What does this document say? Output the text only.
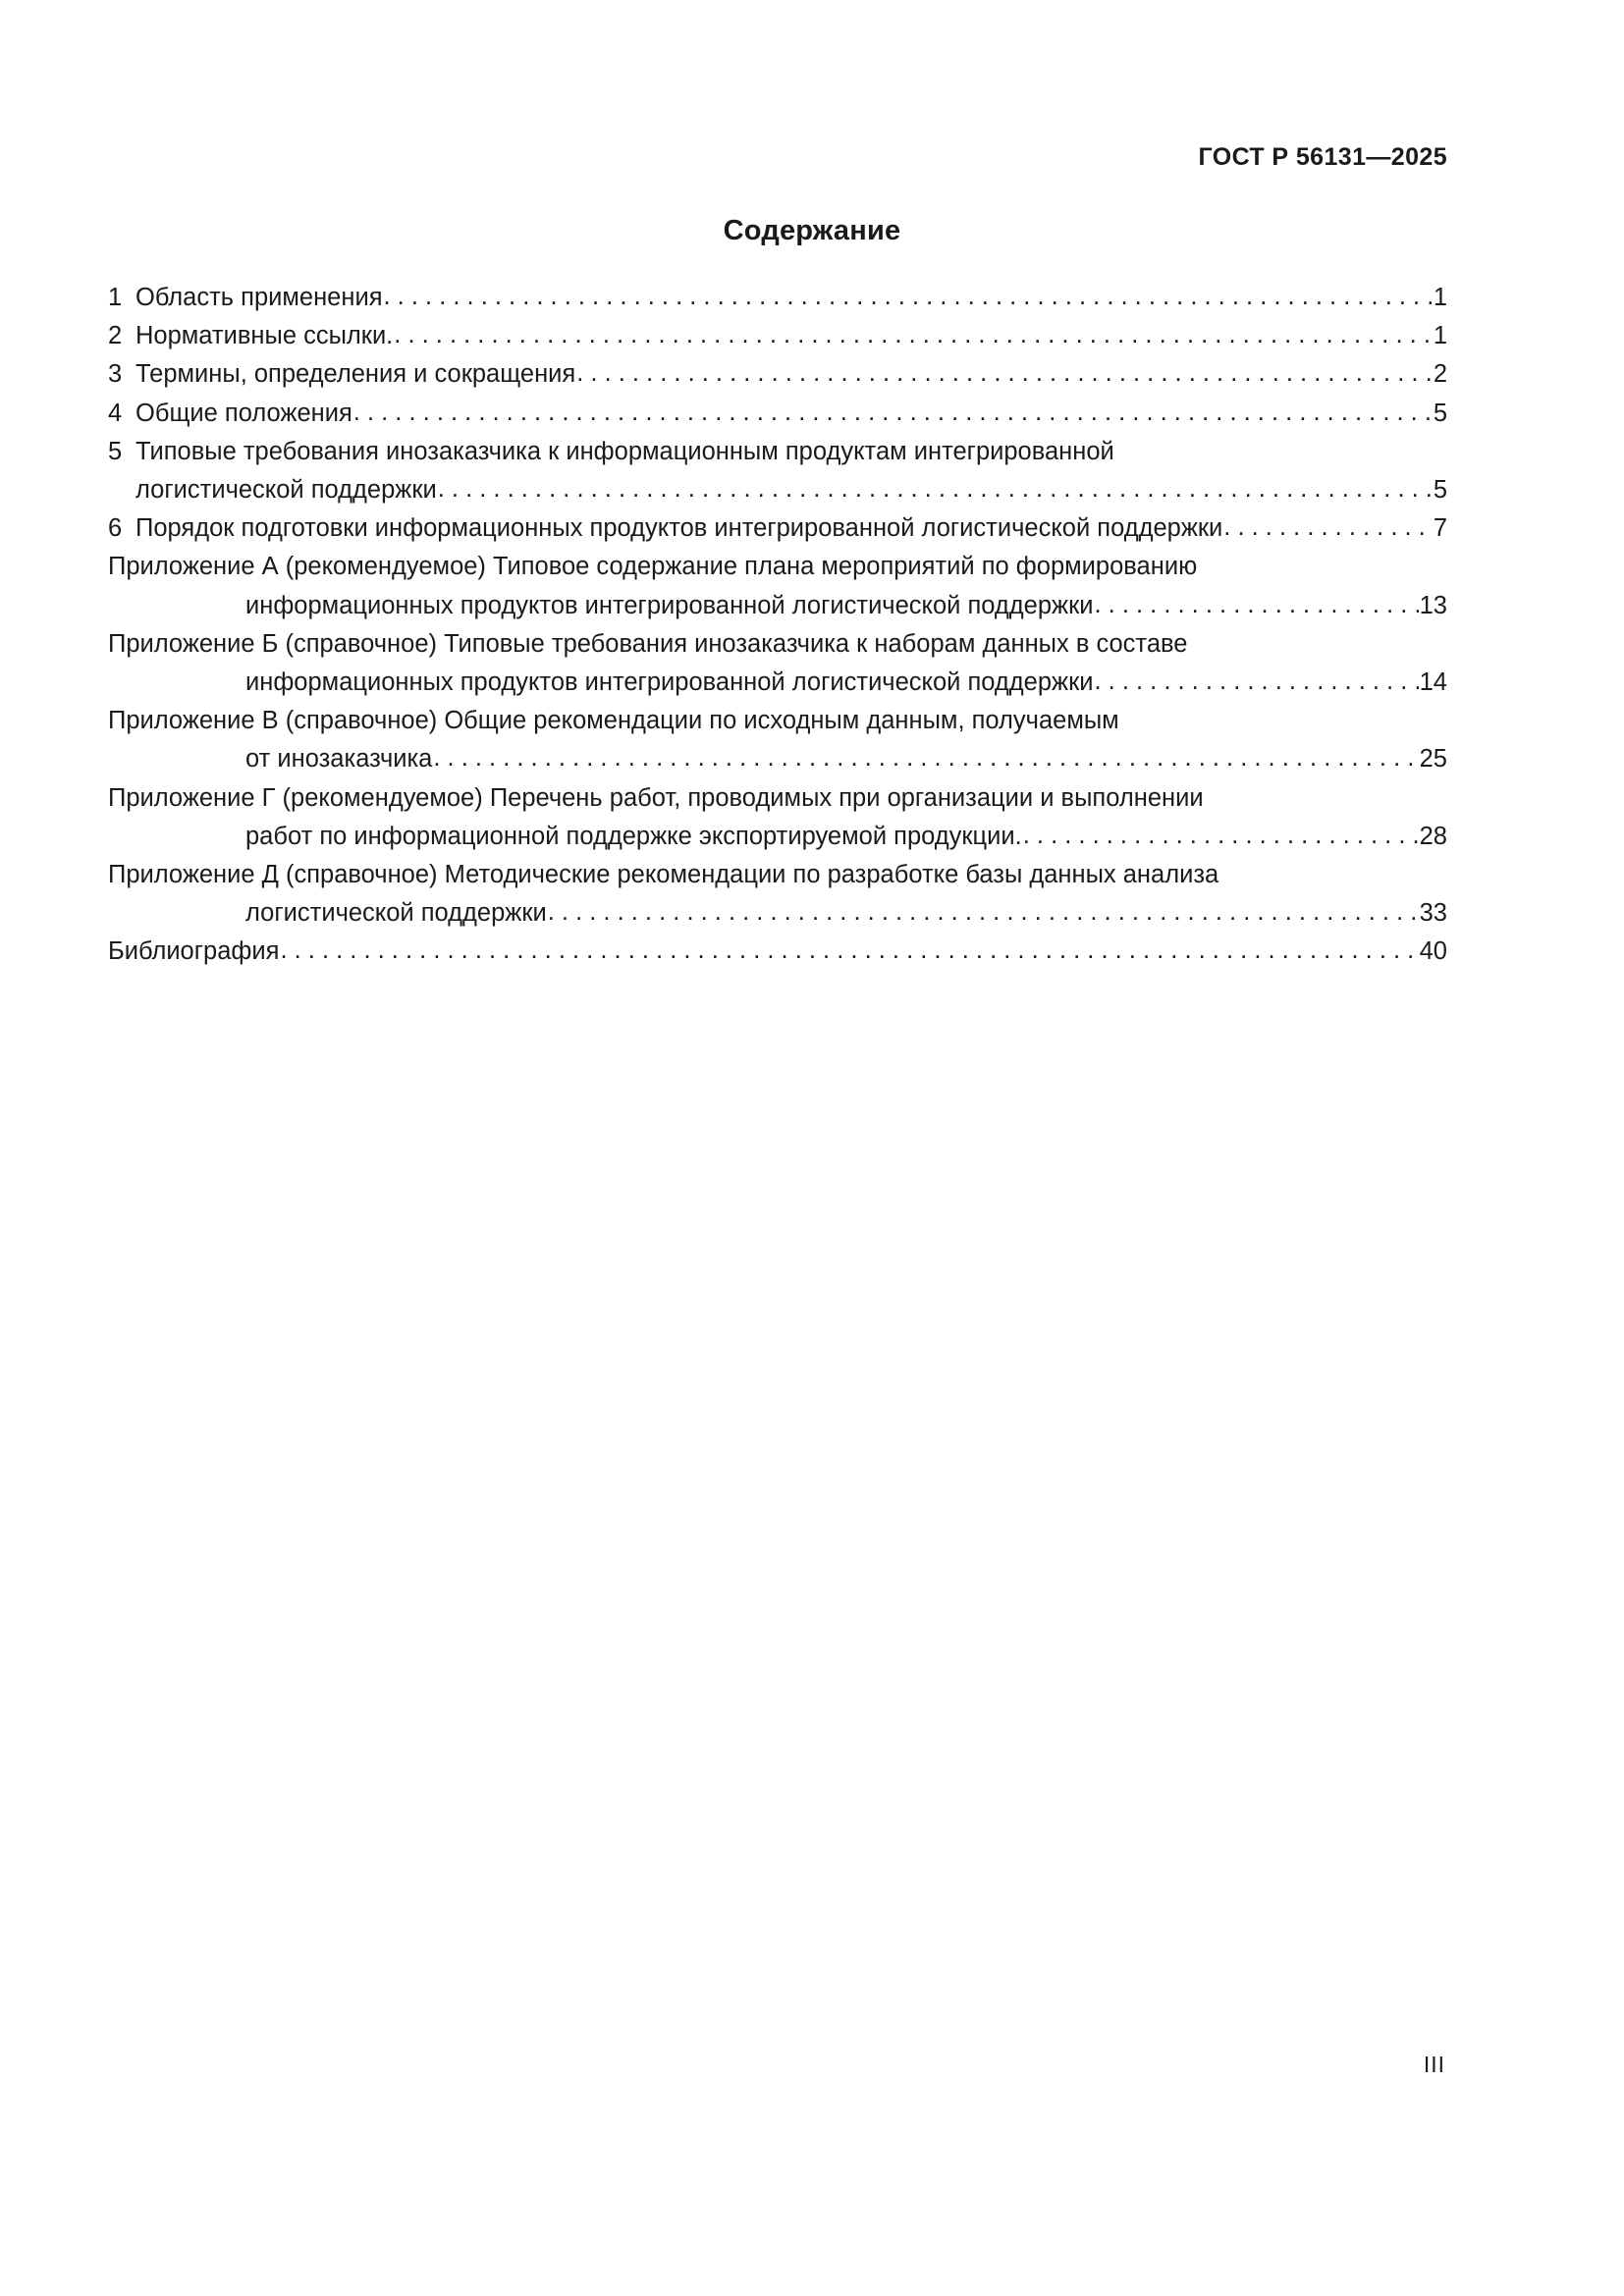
ГОСТ Р 56131—2025
Содержание
1 Область применения . . .	1
2 Нормативные ссылки. . . .	1
3 Термины, определения и сокращения . . .	2
4 Общие положения . . .	5
5 Типовые требования инозаказчика к информационным продуктам интегрированной
логистической поддержки . . .	5
6 Порядок подготовки информационных продуктов интегрированной логистической поддержки . . .	7
Приложение А (рекомендуемое) Типовое содержание плана мероприятий по формированию
информационных продуктов интегрированной логистической поддержки . . .	13
Приложение Б (справочное) Типовые требования инозаказчика к наборам данных в составе
информационных продуктов интегрированной логистической поддержки . . .	14
Приложение В (справочное) Общие рекомендации по исходным данным, получаемым
от инозаказчика . . .	25
Приложение Г (рекомендуемое) Перечень работ, проводимых при организации и выполнении
работ по информационной поддержке экспортируемой продукции. . . .	28
Приложение Д (справочное) Методические рекомендации по разработке базы данных анализа
логистической поддержки . . .	33
Библиография . . .	40
III
